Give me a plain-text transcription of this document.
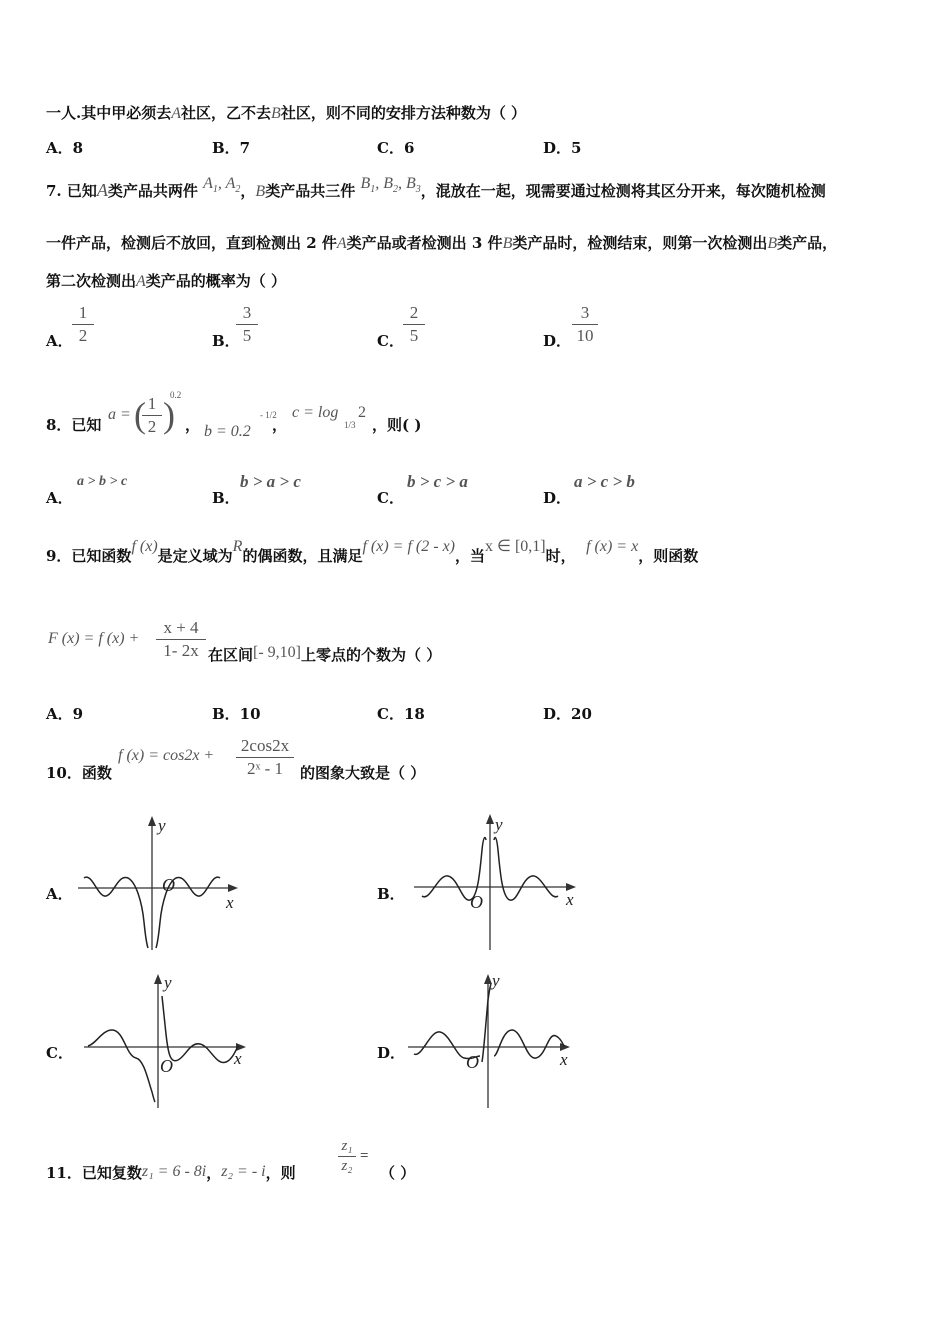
一人.其中甲必须去A社区，乙不去B社区，则不同的安排方法种数为（ ）
A．8	B．7	C．6	D．5
7. 已知A类产品共两件 $A_1$, $A_2$，B类产品共三件 $B_1$, $B_2$, $B_3$，混放在一起，现需要通过检测将其区分开来，每次随机检测
一件产品，检测后不放回，直到检测出 2 件A类产品或者检测出 3 件B类产品时，检测结束，则第一次检测出B类产品，
第二次检测出A类产品的概率为（ ）
A． $\frac{1}{2}$	B．
$\frac{3}{5}$	C． $\frac{2}{5}$	D． $\frac{3}{10}$
8．已知
a = (
$\frac{1}{2}$ )
0.2
， b = 0.2
- 1/2
，
c = log
1/3
2
，则( )
A．
a > b > c
B．
b > a > c
C．
b > c > a
D．
a > c > b
9．已知函数f (x)是定义域为R的偶函数，且满足f (x) = f (2 - x)，当x ∈ [0,1]时，  f (x) = x，则函数
F (x) = f $(x) + \frac{x + 4}{1- 2x}$ 在区间[- 9,10]上零点的个数为（ ）
A．9	B．10	C．18	D．20
10．函数
f $(x) = \cos 2x + \frac{2\cos 2x}{\text{2ˣ - 1}}$ 的图象大致是（ ）
A．	O
y
x	B．	O
y
x
C．
O
y
x	D．	O
y
x
11．已知复数z₁ = 6 - 8i，z₂ = - i，则	$\frac{\text{z₁}}{\text{z₂}}$ =
（ ）
